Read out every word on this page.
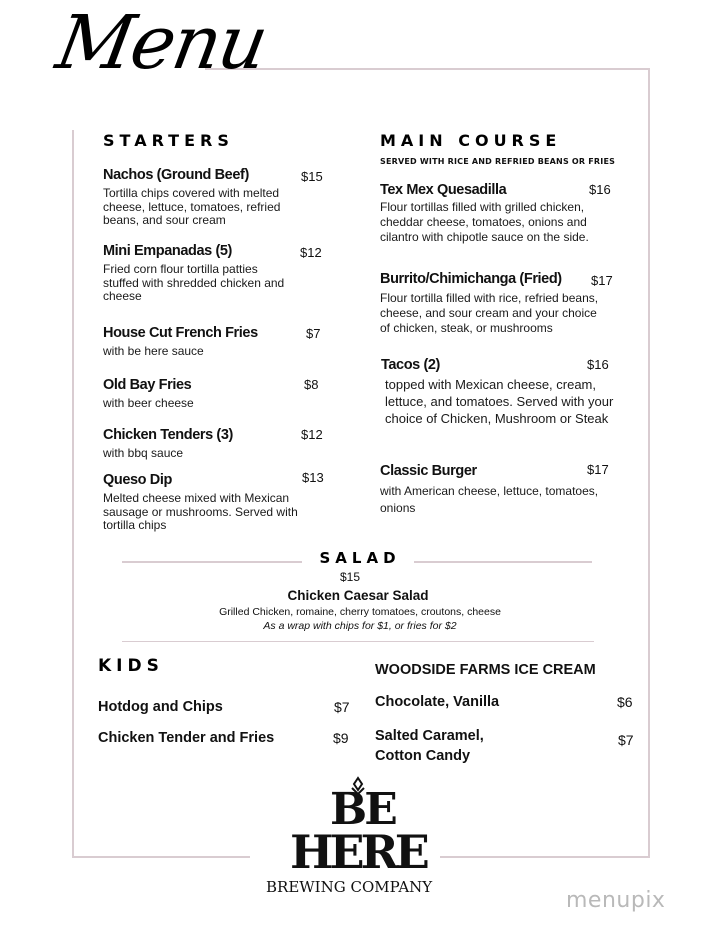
Menu
STARTERS
Nachos (Ground Beef)	$15
Tortilla chips covered with melted cheese, lettuce, tomatoes, refried beans, and sour cream
Mini Empanadas (5)	$12
Fried corn flour tortilla patties stuffed with shredded chicken and cheese
House Cut French Fries	$7
with be here sauce
Old Bay Fries	$8
with beer cheese
Chicken Tenders (3)	$12
with bbq sauce
Queso Dip	$13
Melted cheese mixed with Mexican sausage or mushrooms. Served with tortilla chips
MAIN COURSE
SERVED WITH RICE AND REFRIED BEANS OR FRIES
Tex Mex Quesadilla	$16
Flour tortillas filled with grilled chicken, cheddar cheese, tomatoes, onions and cilantro with chipotle sauce on the side.
Burrito/Chimichanga (Fried)	$17
Flour tortilla filled with rice, refried beans, cheese, and sour cream and your choice of chicken, steak, or mushrooms
Tacos (2)	$16
topped with Mexican cheese, cream, lettuce, and tomatoes. Served with your choice of Chicken, Mushroom or Steak
Classic Burger	$17
with American cheese, lettuce, tomatoes, onions
SALAD
$15
Chicken Caesar Salad
Grilled Chicken, romaine, cherry tomatoes, croutons, cheese
As a wrap with chips for $1, or fries for $2
KIDS
Hotdog and Chips	$7
Chicken Tender and Fries	$9
WOODSIDE FARMS ICE CREAM
Chocolate, Vanilla	$6
Salted Caramel,
Cotton Candy
$7
BE
HERE
BREWING COMPANY
menupix
